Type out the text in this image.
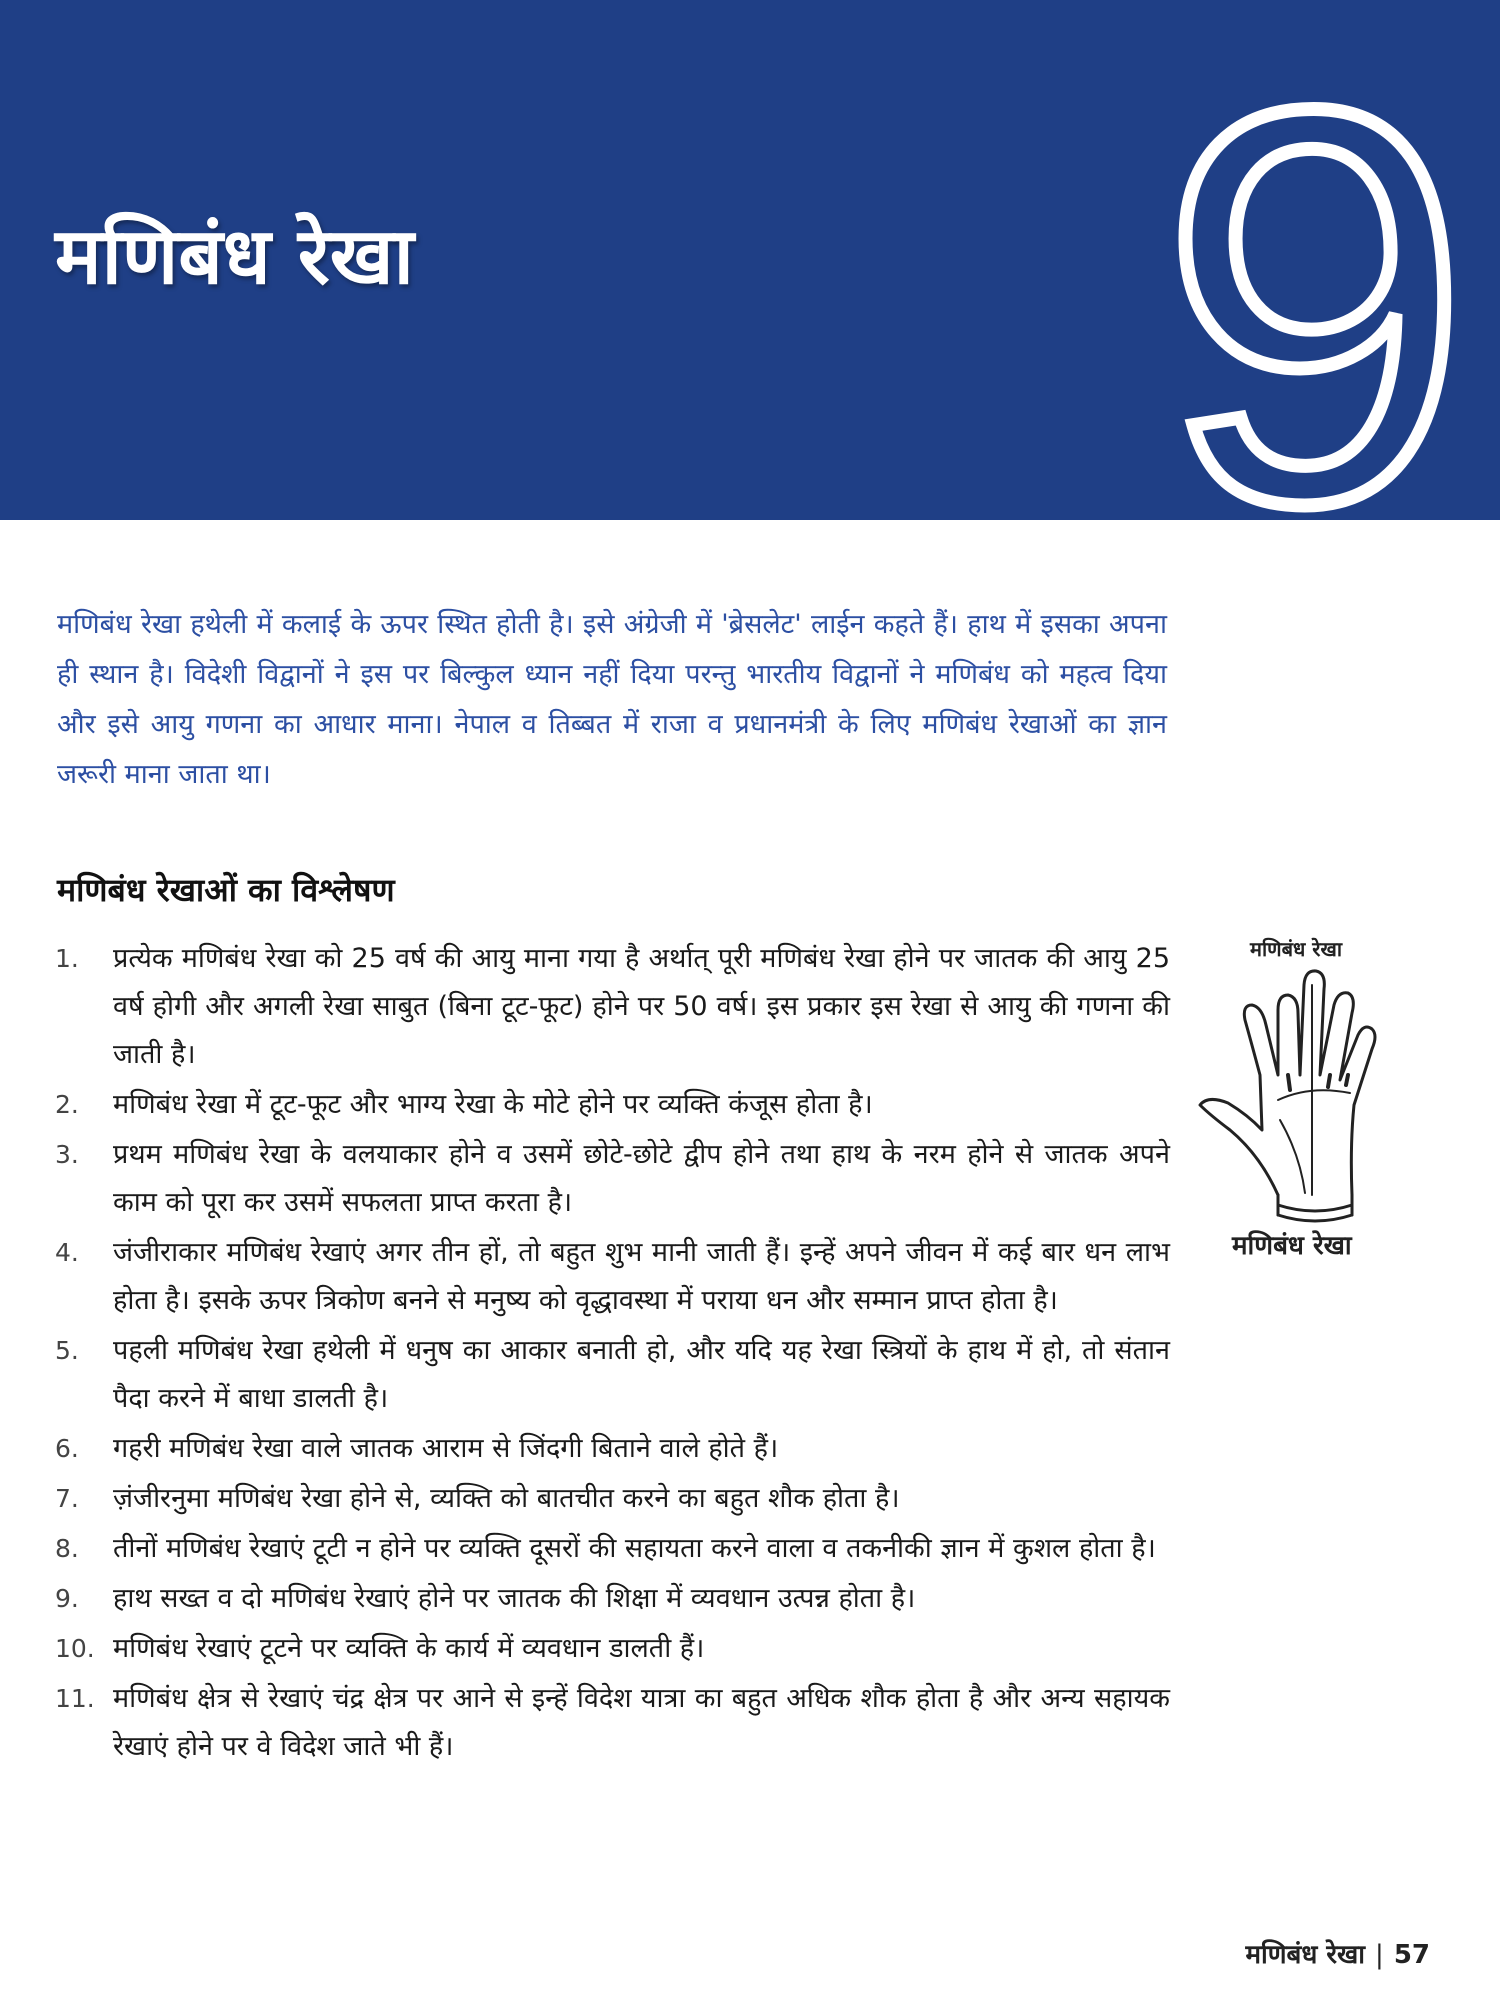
मणिबंध रेखा 9

मणिबंध रेखा हथेली में कलाई के ऊपर स्थित होती है। इसे अंग्रेजी में 'ब्रेसलेट' लाईन कहते हैं। हाथ में इसका अपना ही स्थान है। विदेशी विद्वानों ने इस पर बिल्कुल ध्यान नहीं दिया परन्तु भारतीय विद्वानों ने मणिबंध को महत्व दिया और इसे आयु गणना का आधार माना। नेपाल व तिब्बत में राजा व प्रधानमंत्री के लिए मणिबंध रेखाओं का ज्ञान जरूरी माना जाता था।

मणिबंध रेखाओं का विश्लेषण
1. प्रत्येक मणिबंध रेखा को 25 वर्ष की आयु माना गया है अर्थात् पूरी मणिबंध रेखा होने पर जातक की आयु 25 वर्ष होगी और अगली रेखा साबुत (बिना टूट-फूट) होने पर 50 वर्ष। इस प्रकार इस रेखा से आयु की गणना की जाती है।
2. मणिबंध रेखा में टूट-फूट और भाग्य रेखा के मोटे होने पर व्यक्ति कंजूस होता है।
3. प्रथम मणिबंध रेखा के वलयाकार होने व उसमें छोटे-छोटे द्वीप होने तथा हाथ के नरम होने से जातक अपने काम को पूरा कर उसमें सफलता प्राप्त करता है।
4. जंजीराकार मणिबंध रेखाएं अगर तीन हों, तो बहुत शुभ मानी जाती हैं। इन्हें अपने जीवन में कई बार धन लाभ होता है। इसके ऊपर त्रिकोण बनने से मनुष्य को वृद्धावस्था में पराया धन और सम्मान प्राप्त होता है।
5. पहली मणिबंध रेखा हथेली में धनुष का आकार बनाती हो, और यदि यह रेखा स्त्रियों के हाथ में हो, तो संतान पैदा करने में बाधा डालती है।
6. गहरी मणिबंध रेखा वाले जातक आराम से जिंदगी बिताने वाले होते हैं।
7. ज़ंजीरनुमा मणिबंध रेखा होने से, व्यक्ति को बातचीत करने का बहुत शौक होता है।
8. तीनों मणिबंध रेखाएं टूटी न होने पर व्यक्ति दूसरों की सहायता करने वाला व तकनीकी ज्ञान में कुशल होता है।
9. हाथ सख्त व दो मणिबंध रेखाएं होने पर जातक की शिक्षा में व्यवधान उत्पन्न होता है।
10. मणिबंध रेखाएं टूटने पर व्यक्ति के कार्य में व्यवधान डालती हैं।
11. मणिबंध क्षेत्र से रेखाएं चंद्र क्षेत्र पर आने से इन्हें विदेश यात्रा का बहुत अधिक शौक होता है और अन्य सहायक रेखाएं होने पर वे विदेश जाते भी हैं।
मणिबंध रेखा
मणिबंध रेखा
मणिबंध रेखा | 57
